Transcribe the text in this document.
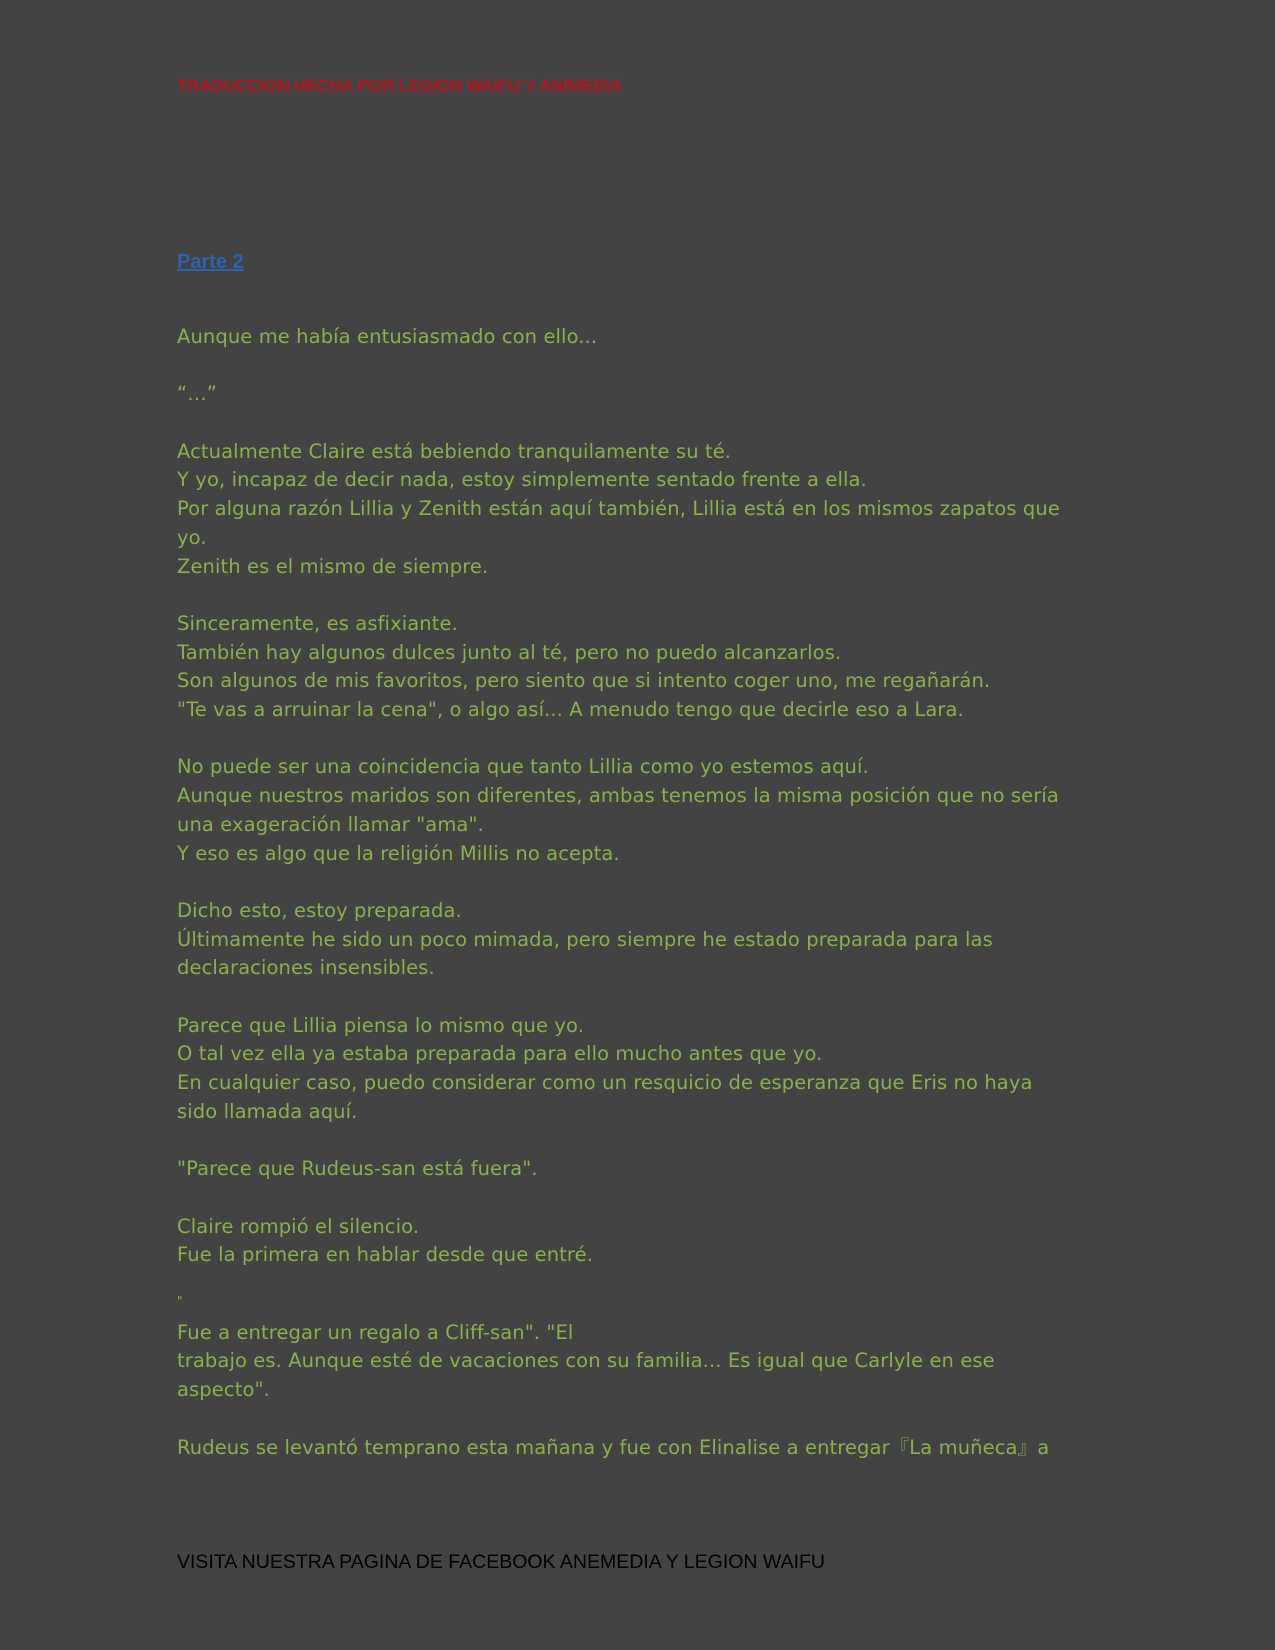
TRADUCCION HECHA POR LEGION WAIFU Y ANIMEDIA
Parte 2
Aunque me había entusiasmado con ello...
“…”
Actualmente Claire está bebiendo tranquilamente su té.
Y yo, incapaz de decir nada, estoy simplemente sentado frente a ella.
Por alguna razón Lillia y Zenith están aquí también, Lillia está en los mismos zapatos que
yo.
Zenith es el mismo de siempre.
Sinceramente, es asfixiante.
También hay algunos dulces junto al té, pero no puedo alcanzarlos.
Son algunos de mis favoritos, pero siento que si intento coger uno, me regañarán.
"Te vas a arruinar la cena", o algo así... A menudo tengo que decirle eso a Lara.
No puede ser una coincidencia que tanto Lillia como yo estemos aquí.
Aunque nuestros maridos son diferentes, ambas tenemos la misma posición que no sería
una exageración llamar "ama".
Y eso es algo que la religión Millis no acepta.
Dicho esto, estoy preparada.
Últimamente he sido un poco mimada, pero siempre he estado preparada para las
declaraciones insensibles.
Parece que Lillia piensa lo mismo que yo.
O tal vez ella ya estaba preparada para ello mucho antes que yo.
En cualquier caso, puedo considerar como un resquicio de esperanza que Eris no haya
sido llamada aquí.
"Parece que Rudeus-san está fuera".
Claire rompió el silencio.
Fue la primera en hablar desde que entré.
"
Fue a entregar un regalo a Cliff-san". "El
trabajo es. Aunque esté de vacaciones con su familia... Es igual que Carlyle en ese
aspecto".
Rudeus se levantó temprano esta mañana y fue con Elinalise a entregar『La muñeca』a
VISITA NUESTRA PAGINA DE FACEBOOK ANEMEDIA Y LEGION WAIFU
